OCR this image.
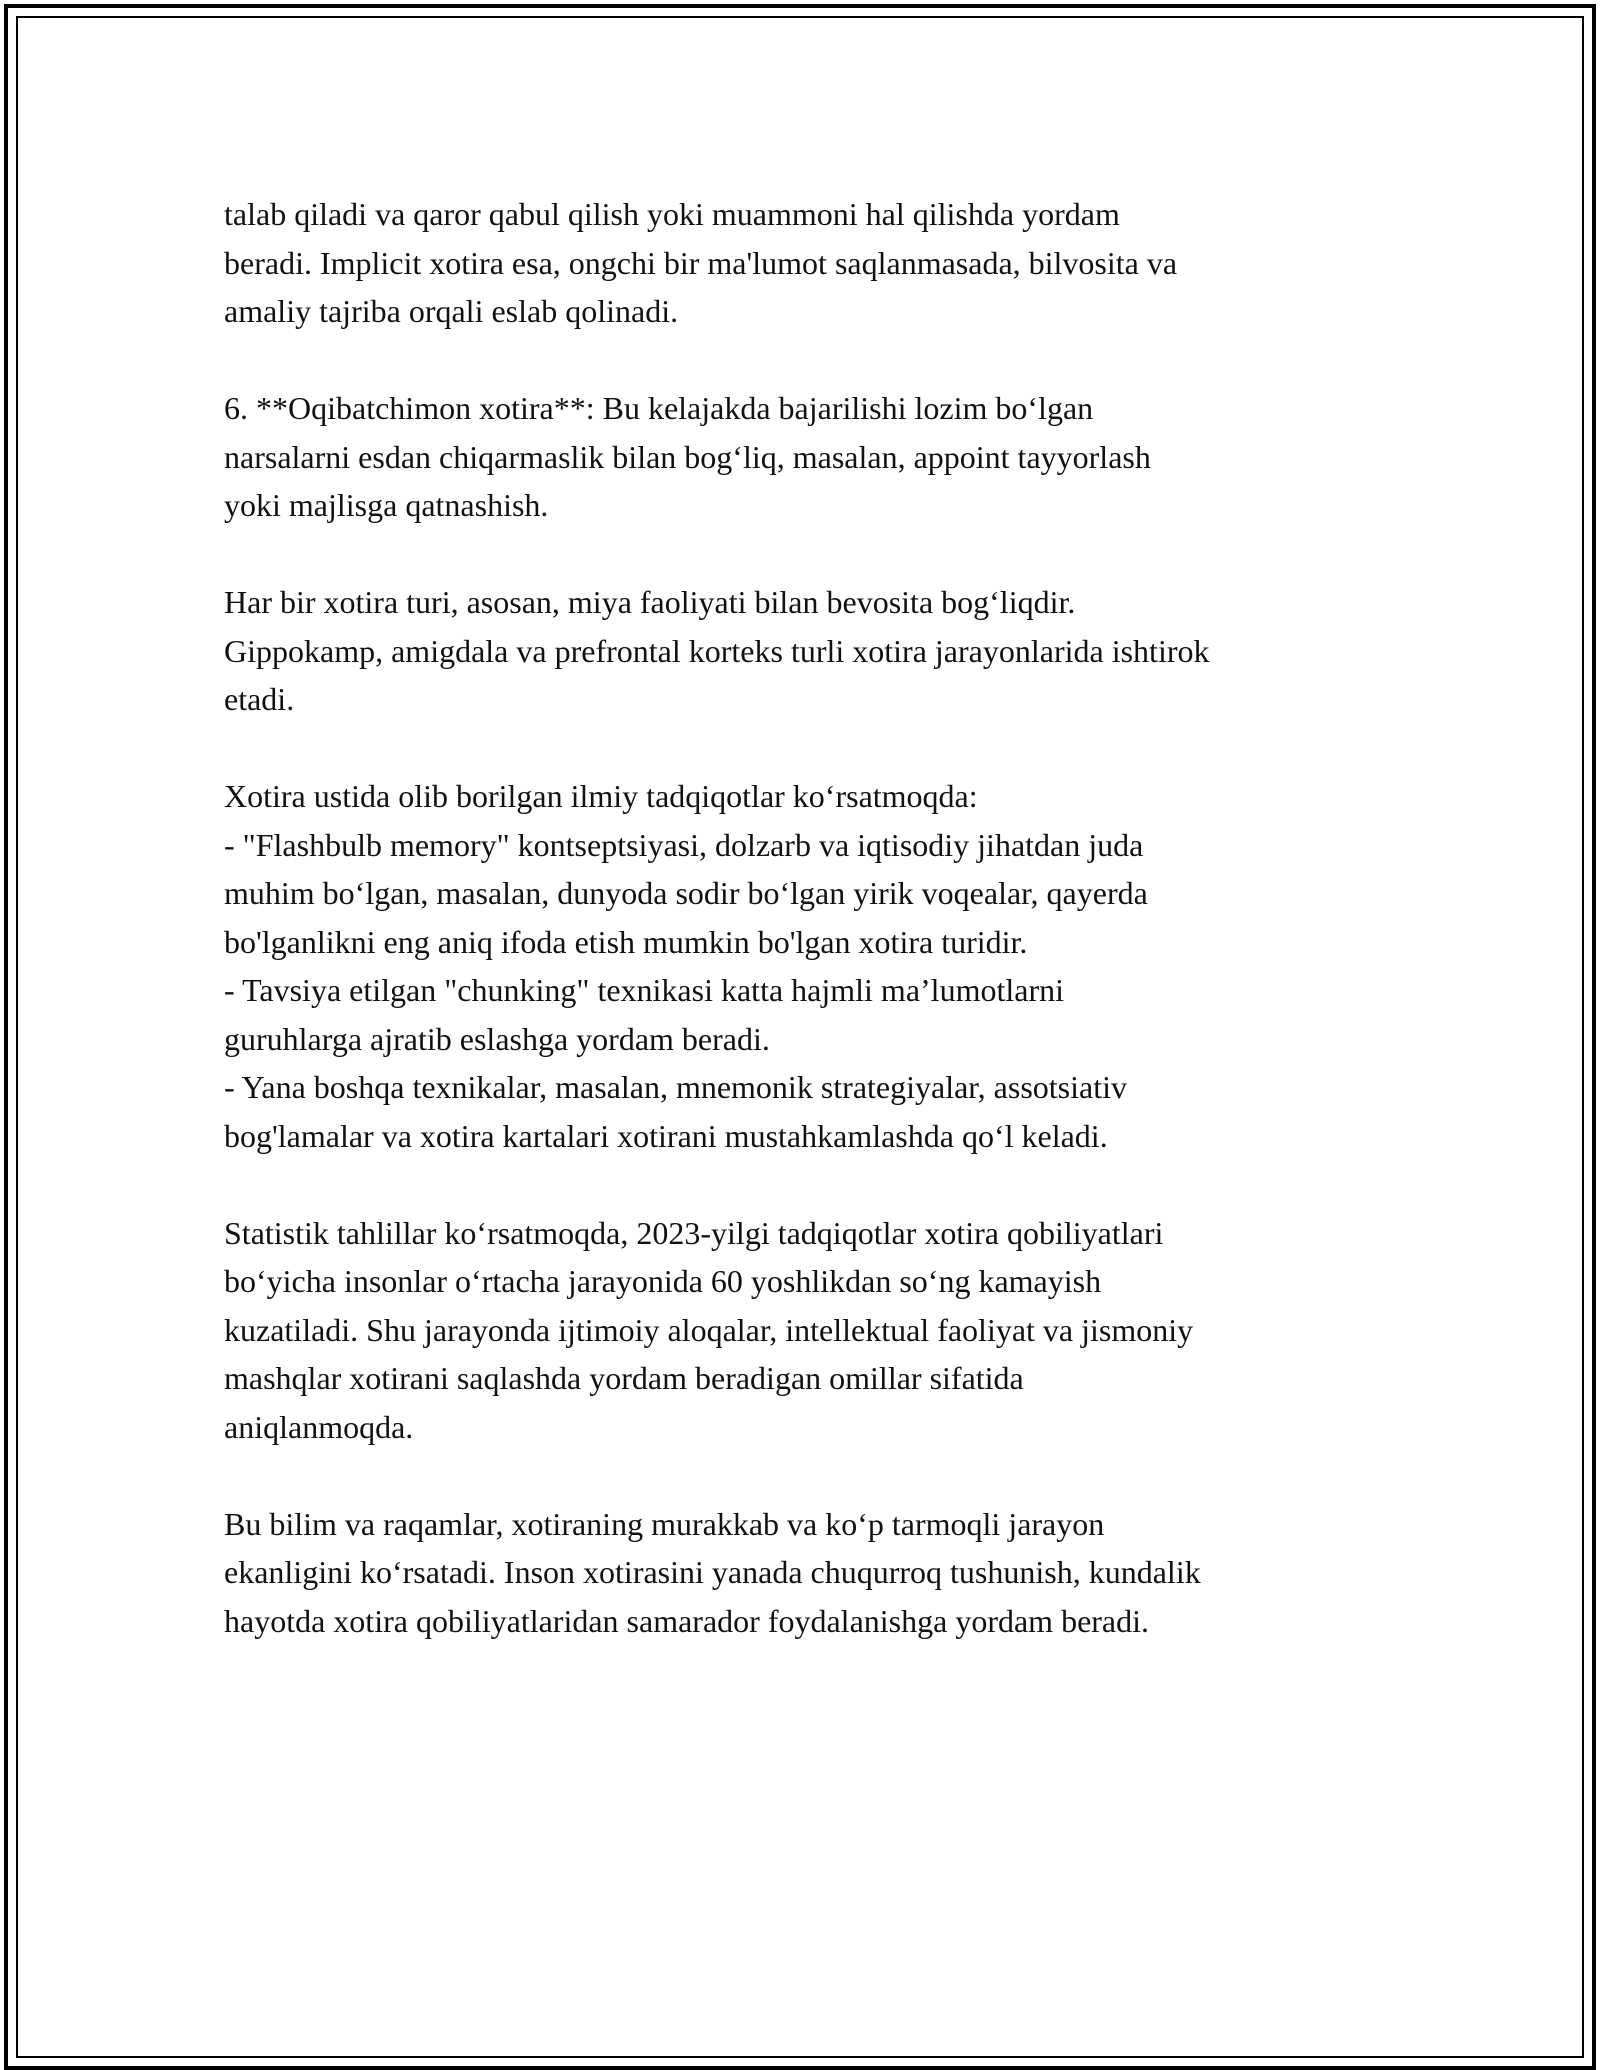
talab qiladi va qaror qabul qilish yoki muammoni hal qilishda yordam
beradi. Implicit xotira esa, ongchi bir ma'lumot saqlanmasada, bilvosita va
amaliy tajriba orqali eslab qolinadi.

6. **Oqibatchimon xotira**: Bu kelajakda bajarilishi lozim bo‘lgan
narsalarni esdan chiqarmaslik bilan bog‘liq, masalan, appoint tayyorlash
yoki majlisga qatnashish.

Har bir xotira turi, asosan, miya faoliyati bilan bevosita bog‘liqdir.
Gippokamp, amigdala va prefrontal korteks turli xotira jarayonlarida ishtirok
etadi.

Xotira ustida olib borilgan ilmiy tadqiqotlar ko‘rsatmoqda:
- "Flashbulb memory" kontseptsiyasi, dolzarb va iqtisodiy jihatdan juda
muhim bo‘lgan, masalan, dunyoda sodir bo‘lgan yirik voqealar, qayerda
bo'lganlikni eng aniq ifoda etish mumkin bo'lgan xotira turidir.
- Tavsiya etilgan "chunking" texnikasi katta hajmli ma’lumotlarni
guruhlarga ajratib eslashga yordam beradi.
- Yana boshqa texnikalar, masalan, mnemonik strategiyalar, assotsiativ
bog'lamalar va xotira kartalari xotirani mustahkamlashda qo‘l keladi.

Statistik tahlillar ko‘rsatmoqda, 2023-yilgi tadqiqotlar xotira qobiliyatlari
bo‘yicha insonlar o‘rtacha jarayonida 60 yoshlikdan so‘ng kamayish
kuzatiladi. Shu jarayonda ijtimoiy aloqalar, intellektual faoliyat va jismoniy
mashqlar xotirani saqlashda yordam beradigan omillar sifatida
aniqlanmoqda.

Bu bilim va raqamlar, xotiraning murakkab va ko‘p tarmoqli jarayon
ekanligini ko‘rsatadi. Inson xotirasini yanada chuqurroq tushunish, kundalik
hayotda xotira qobiliyatlaridan samarador foydalanishga yordam beradi.
